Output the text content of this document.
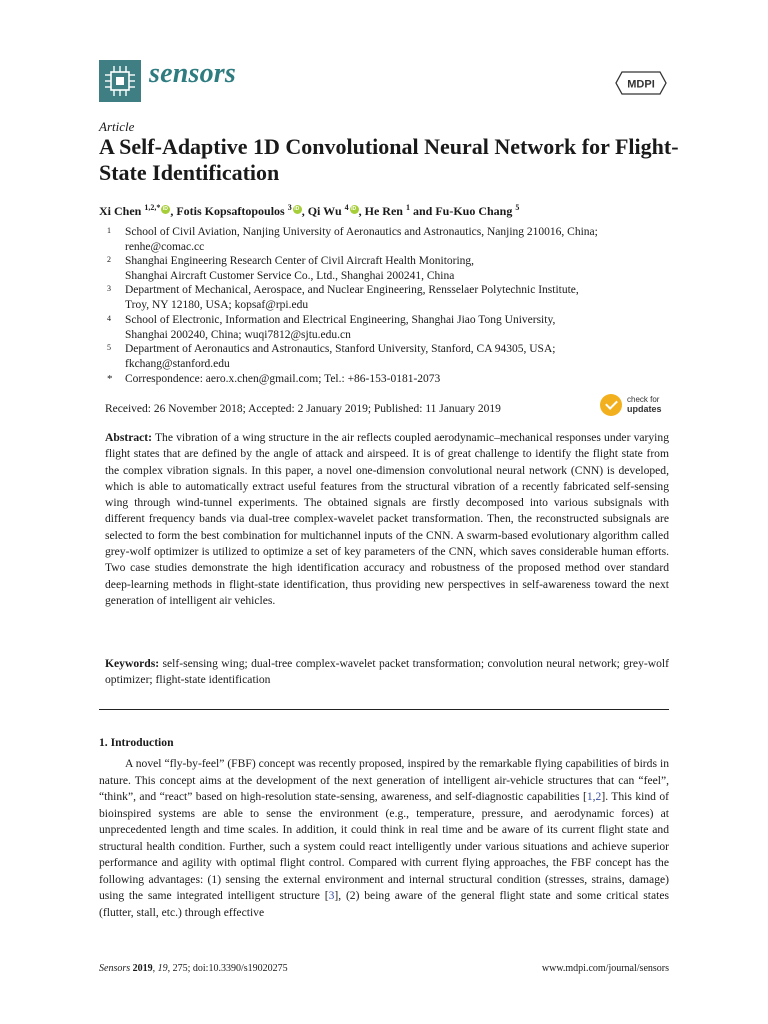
sensors	MDPI
Article
A Self-Adaptive 1D Convolutional Neural Network for Flight-State Identification
Xi Chen $^{1,2,*}$ iD , Fotis Kopsaftopoulos $^3$ iD , Qi Wu $^4$ iD , He Ren $^1$ and Fu-Kuo Chang $^5$
1 School of Civil Aviation, Nanjing University of Aeronautics and Astronautics, Nanjing 210016, China;
renhe@comac.cc
2 Shanghai Engineering Research Center of Civil Aircraft Health Monitoring,
Shanghai Aircraft Customer Service Co., Ltd., Shanghai 200241, China
3 Department of Mechanical, Aerospace, and Nuclear Engineering, Rensselaer Polytechnic Institute,
Troy, NY 12180, USA; kopsaf@rpi.edu
4 School of Electronic, Information and Electrical Engineering, Shanghai Jiao Tong University,
Shanghai 200240, China; wuqi7812@sjtu.edu.cn
5 Department of Aeronautics and Astronautics, Stanford University, Stanford, CA 94305, USA;
fkchang@stanford.edu
* Correspondence: aero.x.chen@gmail.com; Tel.: +86-153-0181-2073
Received: 26 November 2018; Accepted: 2 January 2019; Published: 11 January 2019
check for
updates
Abstract: The vibration of a wing structure in the air reflects coupled aerodynamic–mechanical responses under varying flight states that are defined by the angle of attack and airspeed. It is of great challenge to identify the flight state from the complex vibration signals. In this paper, a novel one-dimension convolutional neural network (CNN) is developed, which is able to automatically extract useful features from the structural vibration of a recently fabricated self-sensing wing through wind-tunnel experiments. The obtained signals are firstly decomposed into various subsignals with different frequency bands via dual-tree complex-wavelet packet transformation. Then, the reconstructed subsignals are selected to form the best combination for multichannel inputs of the CNN. A swarm-based evolutionary algorithm called grey-wolf optimizer is utilized to optimize a set of key parameters of the CNN, which saves considerable human efforts. Two case studies demonstrate the high identification accuracy and robustness of the proposed method over standard deep-learning methods in flight-state identification, thus providing new perspectives in self-awareness toward the next generation of intelligent air vehicles.
Keywords: self-sensing wing; dual-tree complex-wavelet packet transformation; convolution neural network; grey-wolf optimizer; flight-state identification
1. Introduction
A novel “fly-by-feel” (FBF) concept was recently proposed, inspired by the remarkable flying capabilities of birds in nature. This concept aims at the development of the next generation of intelligent air-vehicle structures that can “feel”, “think”, and “react” based on high-resolution state-sensing, awareness, and self-diagnostic capabilities [1,2]. This kind of bioinspired systems are able to sense the environment (e.g., temperature, pressure, and aerodynamic forces) at unprecedented length and time scales. In addition, it could think in real time and be aware of its current flight state and structural health condition. Further, such a system could react intelligently under various situations and achieve superior performance and agility with optimal flight control. Compared with current flying approaches, the FBF concept has the following advantages: (1) sensing the external environment and internal structural condition (stresses, strains, damage) using the same integrated intelligent structure [3], (2) being aware of the general flight state and some critical states (flutter, stall, etc.) through effective
Sensors 2019, 19, 275; doi:10.3390/s19020275	www.mdpi.com/journal/sensors
